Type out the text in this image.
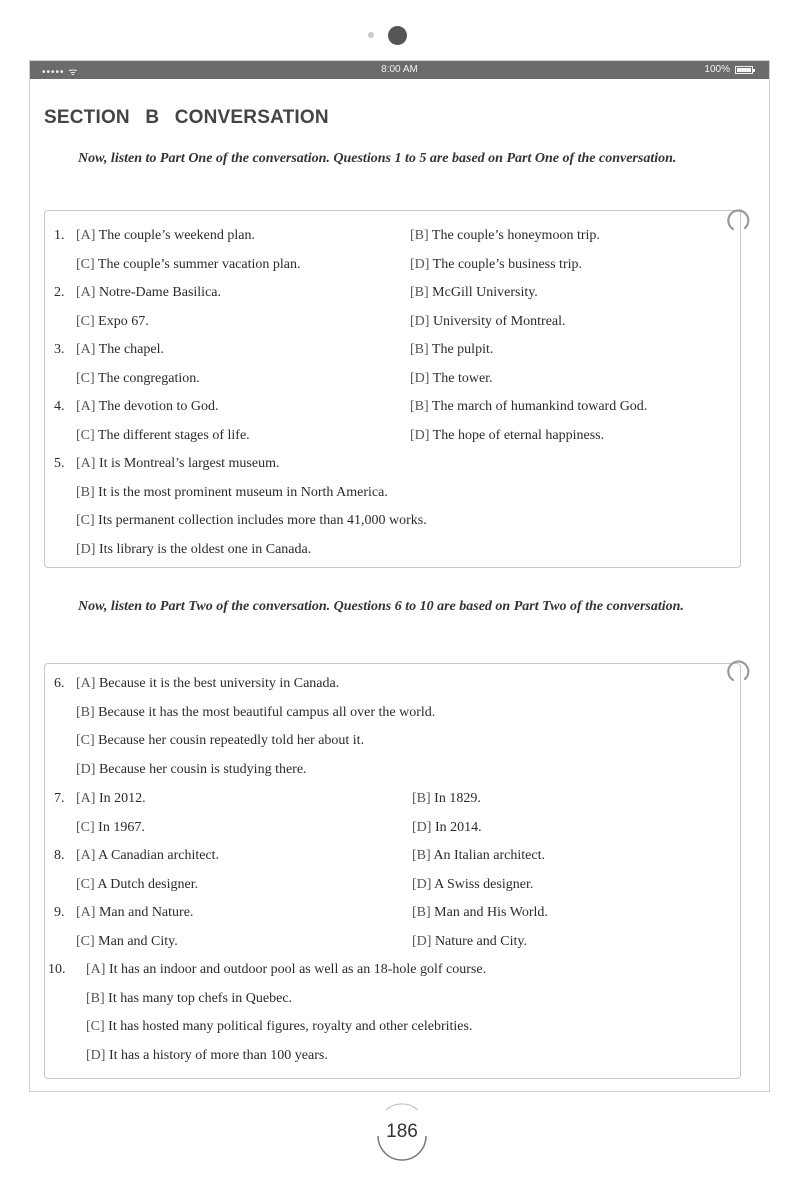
••••• ᯤ	8:00 AM	100%
SECTION B CONVERSATION
Now, listen to Part One of the conversation. Questions 1 to 5 are based on Part One of the conversation.
Now, listen to Part Two of the conversation. Questions 6 to 10 are based on Part Two of the conversation.
1. [A] The couple’s weekend plan.	[B] The couple’s honeymoon trip.
[C] The couple’s summer vacation plan.	[D] The couple’s business trip.
2. [A] Notre-Dame Basilica.	[B] McGill University.
[C] Expo 67.	[D] University of Montreal.
3. [A] The chapel.	[B] The pulpit.
[C] The congregation.	[D] The tower.
4. [A] The devotion to God.	[B] The march of humankind toward God.
[C] The different stages of life.	[D] The hope of eternal happiness.
5. [A] It is Montreal’s largest museum.
[B] It is the most prominent museum in North America.
[C] Its permanent collection includes more than 41,000 works.
[D] Its library is the oldest one in Canada.
6. [A] Because it is the best university in Canada.
[B] Because it has the most beautiful campus all over the world.
[C] Because her cousin repeatedly told her about it.
[D] Because her cousin is studying there.
7. [A] In 2012.	[B] In 1829.
[C] In 1967.	[D] In 2014.
8. [A] A Canadian architect.	[B] An Italian architect.
[C] A Dutch designer.	[D] A Swiss designer.
9. [A] Man and Nature.	[B] Man and His World.
[C] Man and City.	[D] Nature and City.
10. [A] It has an indoor and outdoor pool as well as an 18-hole golf course.
[B] It has many top chefs in Quebec.
[C] It has hosted many political figures, royalty and other celebrities.
[D] It has a history of more than 100 years.
186
